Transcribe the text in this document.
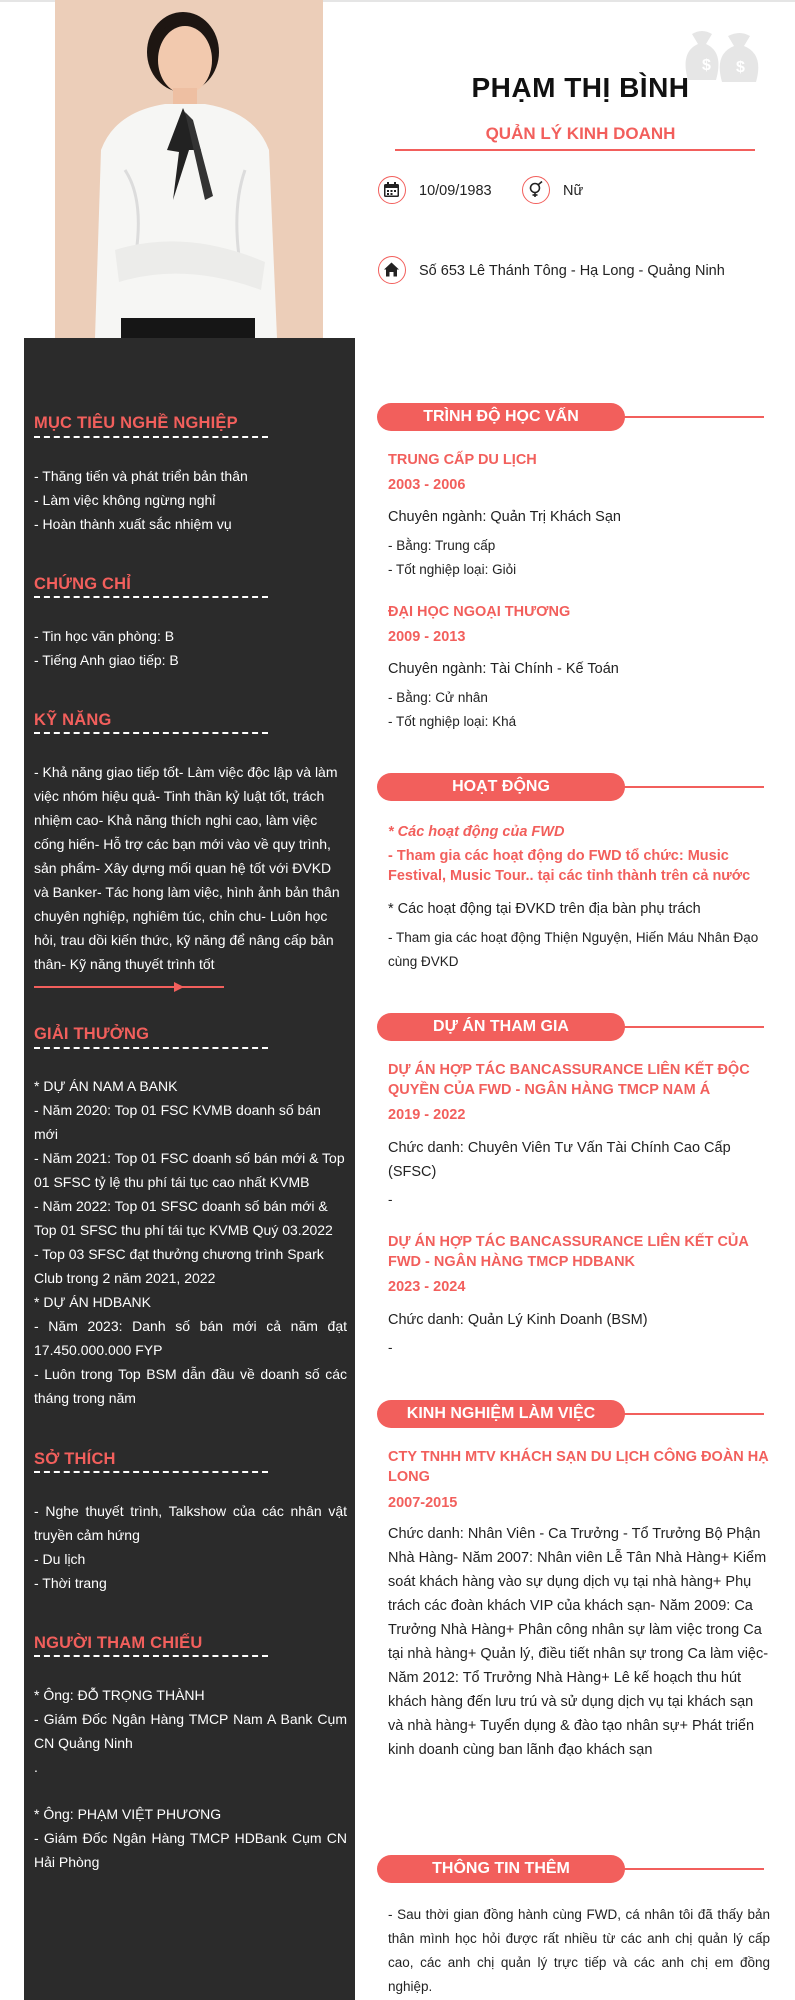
$ $
PHẠM THỊ BÌNH
QUẢN LÝ KINH DOANH
10/09/1983	Nữ
Số 653 Lê Thánh Tông - Hạ Long - Quảng Ninh
MỤC TIÊU NGHỀ NGHIỆP
- Thăng tiến và phát triển bản thân
- Làm việc không ngừng nghỉ
- Hoàn thành xuất sắc nhiệm vụ
CHỨNG CHỈ
- Tin học văn phòng: B
- Tiếng Anh giao tiếp: B
KỸ NĂNG
- Khả năng giao tiếp tốt- Làm việc độc lập và làm việc nhóm hiệu quả- Tinh thần kỷ luật tốt, trách nhiệm cao- Khả năng thích nghi cao, làm việc cống hiến- Hỗ trợ các bạn mới vào về quy trình, sản phẩm- Xây dựng mối quan hệ tốt với ĐVKD và Banker- Tác hong làm việc, hình ảnh bản thân chuyên nghiệp, nghiêm túc, chỉn chu- Luôn học hỏi, trau dồi kiến thức, kỹ năng để nâng cấp bản thân- Kỹ năng thuyết trình tốt
GIẢI THƯỞNG
* DỰ ÁN NAM A BANK
- Năm 2020: Top 01 FSC KVMB doanh số bán mới
- Năm 2021: Top 01 FSC doanh số bán mới & Top 01 SFSC tỷ lệ thu phí tái tục cao nhất KVMB
- Năm 2022: Top 01 SFSC doanh số bán mới & Top 01 SFSC thu phí tái tục KVMB Quý 03.2022
- Top 03 SFSC đạt thưởng chương trình Spark Club trong 2 năm 2021, 2022
* DỰ ÁN HDBANK
- Năm 2023: Danh số bán mới cả năm đạt 17.450.000.000 FYP
- Luôn trong Top BSM dẫn đầu về doanh số các tháng trong năm
SỞ THÍCH
- Nghe thuyết trình, Talkshow của các nhân vật truyền cảm hứng
- Du lịch
- Thời trang
NGƯỜI THAM CHIẾU
* Ông: ĐỖ TRỌNG THÀNH
- Giám Đốc Ngân Hàng TMCP Nam A Bank Cụm CN Quảng Ninh
.
* Ông: PHẠM VIỆT PHƯƠNG
- Giám Đốc Ngân Hàng TMCP HDBank Cụm CN Hải Phòng
TRÌNH ĐỘ HỌC VẤN
TRUNG CẤP DU LỊCH
2003 - 2006
Chuyên ngành: Quản Trị Khách Sạn
- Bằng: Trung cấp
- Tốt nghiệp loại: Giỏi
ĐẠI HỌC NGOẠI THƯƠNG
2009 - 2013
Chuyên ngành: Tài Chính - Kế Toán
- Bằng: Cử nhân
- Tốt nghiệp loại: Khá
HOẠT ĐỘNG
* Các hoạt động của FWD
- Tham gia các hoạt động do FWD tổ chức: Music Festival, Music Tour.. tại các tỉnh thành trên cả nước
* Các hoạt động tại ĐVKD trên địa bàn phụ trách
- Tham gia các hoạt động Thiện Nguyện, Hiến Máu Nhân Đạo cùng ĐVKD
DỰ ÁN THAM GIA
DỰ ÁN HỢP TÁC BANCASSURANCE LIÊN KẾT ĐỘC QUYỀN CỦA FWD - NGÂN HÀNG TMCP NAM Á
2019 - 2022
Chức danh: Chuyên Viên Tư Vấn Tài Chính Cao Cấp (SFSC)
-
DỰ ÁN HỢP TÁC BANCASSURANCE LIÊN KẾT CỦA FWD - NGÂN HÀNG TMCP HDBANK
2023 - 2024
Chức danh: Quản Lý Kinh Doanh (BSM)
-
KINH NGHIỆM LÀM VIỆC
CTY TNHH MTV KHÁCH SẠN DU LỊCH CÔNG ĐOÀN HẠ LONG
2007-2015
Chức danh: Nhân Viên - Ca Trưởng - Tổ Trưởng Bộ Phận Nhà Hàng- Năm 2007: Nhân viên Lễ Tân Nhà Hàng+ Kiểm soát khách hàng vào sự dụng dịch vụ tại nhà hàng+ Phụ trách các đoàn khách VIP của khách sạn- Năm 2009: Ca Trưởng Nhà Hàng+ Phân công nhân sự làm việc trong Ca tại nhà hàng+ Quản lý, điều tiết nhân sự trong Ca làm việc- Năm 2012: Tổ Trưởng Nhà Hàng+ Lê kế hoạch thu hút khách hàng đến lưu trú và sử dụng dịch vụ tại khách sạn và nhà hàng+ Tuyển dụng & đào tạo nhân sự+ Phát triển kinh doanh cùng ban lãnh đạo khách sạn
THÔNG TIN THÊM
- Sau thời gian đồng hành cùng FWD, cá nhân tôi đã thấy bản thân mình học hỏi được rất nhiều từ các anh chị quản lý cấp cao, các anh chị quản lý trực tiếp và các anh chị em đồng nghiệp.
